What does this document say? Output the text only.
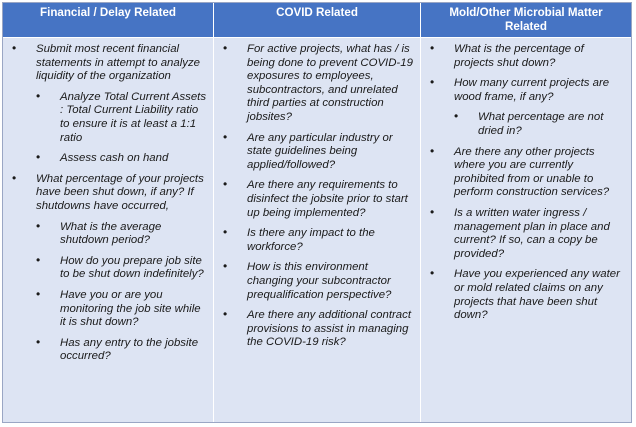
Financial / Delay Related	COVID Related	Mold/Other Microbial Matter Related
• Submit most recent financial statements in attempt to analyze liquidity of the organization
• Analyze Total Current Assets : Total Current Liability ratio to ensure it is at least a 1:1 ratio
• Assess cash on hand
• What percentage of your projects have been shut down, if any? If shutdowns have occurred,
• What is the average shutdown period?
• How do you prepare job site to be shut down indefinitely?
• Have you or are you monitoring the job site while it is shut down?
• Has any entry to the jobsite occurred?
• For active projects, what has / is being done to prevent COVID-19 exposures to employees, subcontractors, and unrelated third parties at construction jobsites?
• Are any particular industry or state guidelines being applied/followed?
• Are there any requirements to disinfect the jobsite prior to start up being implemented?
• Is there any impact to the workforce?
• How is this environment changing your subcontractor prequalification perspective?
• Are there any additional contract provisions to assist in managing the COVID-19 risk?
• What is the percentage of projects shut down?
• How many current projects are wood frame, if any?
• What percentage are not dried in?
• Are there any other projects where you are currently prohibited from or unable to perform construction services?
• Is a written water ingress / management plan in place and current? If so, can a copy be provided?
• Have you experienced any water or mold related claims on any projects that have been shut down?
